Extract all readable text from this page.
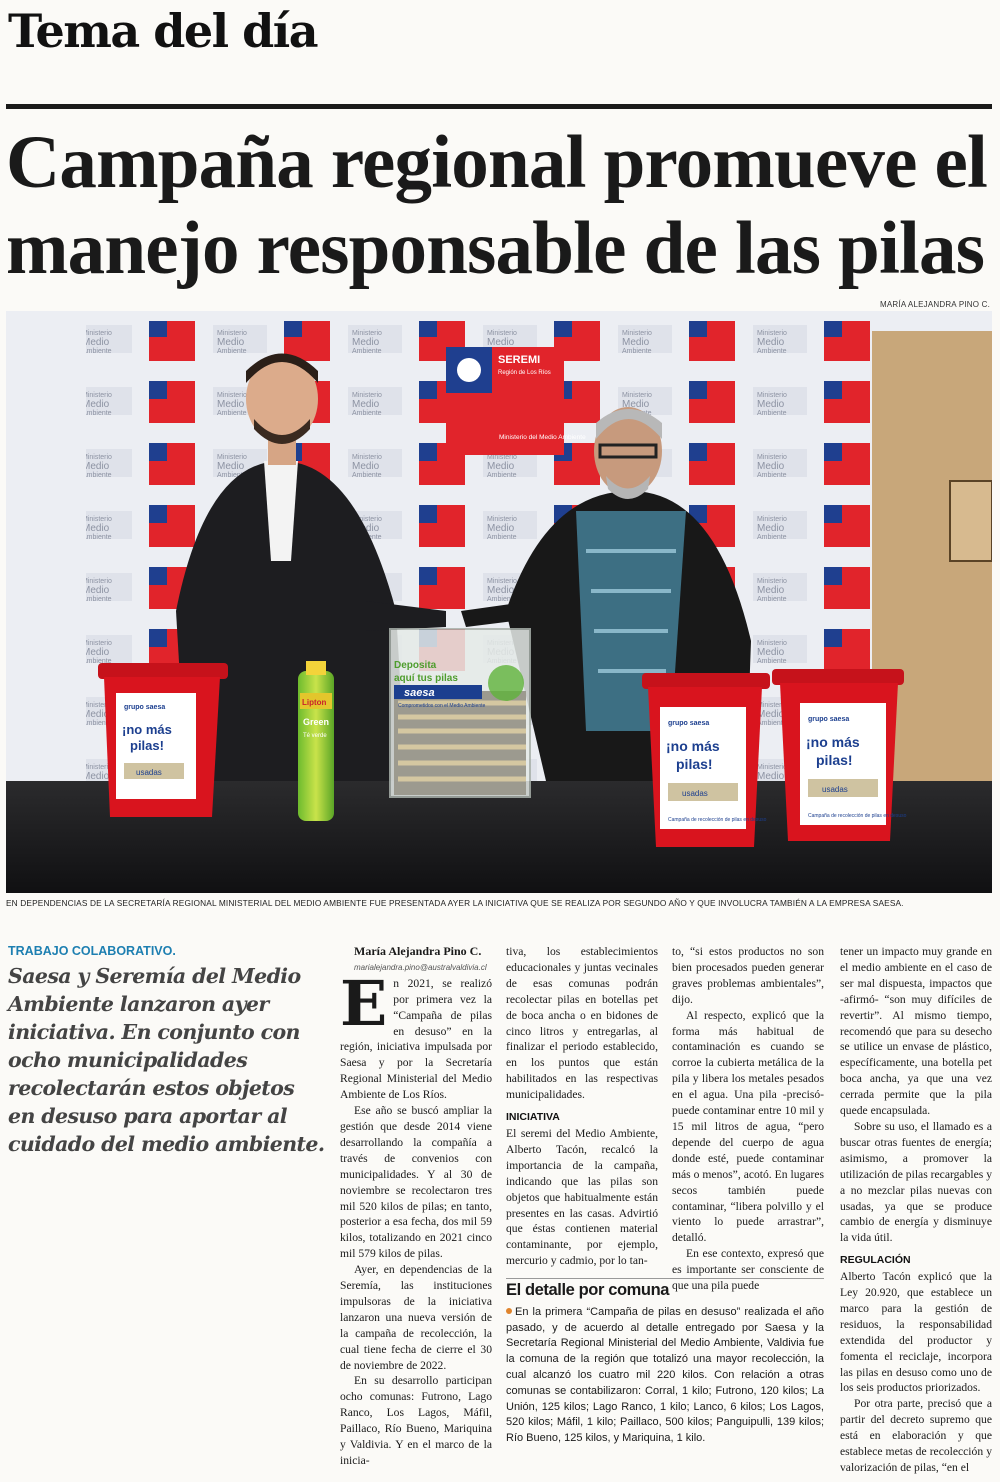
Tema del día
Campaña regional promueve el manejo responsable de las pilas
MARÍA ALEJANDRA PINO C.
SEREMI
Región de Los Ríos
Ministerio del Medio Ambiente
Deposita
aquí tus pilas
saesa
Comprometidos con el Medio Ambiente
Lipton
Green
Té verde
grupo saesa
¡no más
pilas!
usadas
grupo saesa
¡no más
pilas!
usadas
Campaña de recolección de pilas en desuso
grupo saesa
¡no más
pilas!
usadas
Campaña de recolección de pilas en desuso
EN DEPENDENCIAS DE LA SECRETARÍA REGIONAL MINISTERIAL DEL MEDIO AMBIENTE FUE PRESENTADA AYER LA INICIATIVA QUE SE REALIZA POR SEGUNDO AÑO Y QUE INVOLUCRA TAMBIÉN A LA EMPRESA SAESA.
TRABAJO COLABORATIVO.
Saesa y Seremía del Medio Ambiente lanzaron ayer iniciativa. En conjunto con ocho municipalidades recolectarán estos objetos en desuso para aportar al cuidado del medio ambiente.

María Alejandra Pino C.

marialejandra.pino@australvaldivia.cl

En 2021, se realizó por primera vez la “Campaña de pilas en desuso” en la región, iniciativa impulsada por Saesa y por la Secretaría Regional Ministerial del Medio Ambiente de Los Ríos.

Ese año se buscó ampliar la gestión que desde 2014 viene desarrollando la compañía a través de convenios con municipalidades. Y al 30 de noviembre se recolectaron tres mil 520 kilos de pilas; en tanto, posterior a esa fecha, dos mil 59 kilos, totalizando en 2021 cinco mil 579 kilos de pilas.

Ayer, en dependencias de la Seremía, las instituciones impulsoras de la iniciativa lanzaron una nueva versión de la campaña de recolección, la cual tiene fecha de cierre el 30 de noviembre de 2022.

En su desarrollo participan ocho comunas: Futrono, Lago Ranco, Los Lagos, Máfil, Paillaco, Río Bueno, Mariquina y Valdivia. Y en el marco de la inicia-

tiva, los establecimientos educacionales y juntas vecinales de esas comunas podrán recolectar pilas en botellas pet de boca ancha o en bidones de cinco litros y entregarlas, al finalizar el periodo establecido, en los puntos que están habilitados en las respectivas municipalidades.

INICIATIVA

El seremi del Medio Ambiente, Alberto Tacón, recalcó la importancia de la campaña, indicando que las pilas son objetos que habitualmente están presentes en las casas. Advirtió que éstas contienen material contaminante, por ejemplo, mercurio y cadmio, por lo tan-

to, “si estos productos no son bien procesados pueden generar graves problemas ambientales”, dijo.

Al respecto, explicó que la forma más habitual de contaminación es cuando se corroe la cubierta metálica de la pila y libera los metales pesados en el agua. Una pila -precisó- puede contaminar entre 10 mil y 15 mil litros de agua, “pero depende del cuerpo de agua donde esté, puede contaminar más o menos”, acotó. En lugares secos también puede contaminar, “libera polvillo y el viento lo puede arrastrar”, detalló.

En ese contexto, expresó que es importante ser consciente de que una pila puede

tener un impacto muy grande en el medio ambiente en el caso de ser mal dispuesta, impactos que -afirmó- “son muy difíciles de revertir”. Al mismo tiempo, recomendó que para su desecho se utilice un envase de plástico, específicamente, una botella pet boca ancha, ya que una vez cerrada permite que la pila quede encapsulada.

Sobre su uso, el llamado es a buscar otras fuentes de energía; asimismo, a promover la utilización de pilas recargables y a no mezclar pilas nuevas con usadas, ya que se produce cambio de energía y disminuye la vida útil.

REGULACIÓN

Alberto Tacón explicó que la Ley 20.920, que establece un marco para la gestión de residuos, la responsabilidad extendida del productor y fomenta el reciclaje, incorpora las pilas en desuso como uno de los seis productos priorizados.

Por otra parte, precisó que a partir del decreto supremo que está en elaboración y que establece metas de recolección y valorización de pilas, “en el

El detalle por comuna

En la primera “Campaña de pilas en desuso” realizada el año pasado, y de acuerdo al detalle entregado por Saesa y la Secretaría Regional Ministerial del Medio Ambiente, Valdivia fue la comuna de la región que totalizó una mayor recolección, la cual alcanzó los cuatro mil 220 kilos. Con relación a otras comunas se contabilizaron: Corral, 1 kilo; Futrono, 120 kilos; La Unión, 125 kilos; Lago Ranco, 1 kilo; Lanco, 6 kilos; Los Lagos, 520 kilos; Máfil, 1 kilo; Paillaco, 500 kilos; Panguipulli, 139 kilos; Río Bueno, 125 kilos, y Mariquina, 1 kilo.
